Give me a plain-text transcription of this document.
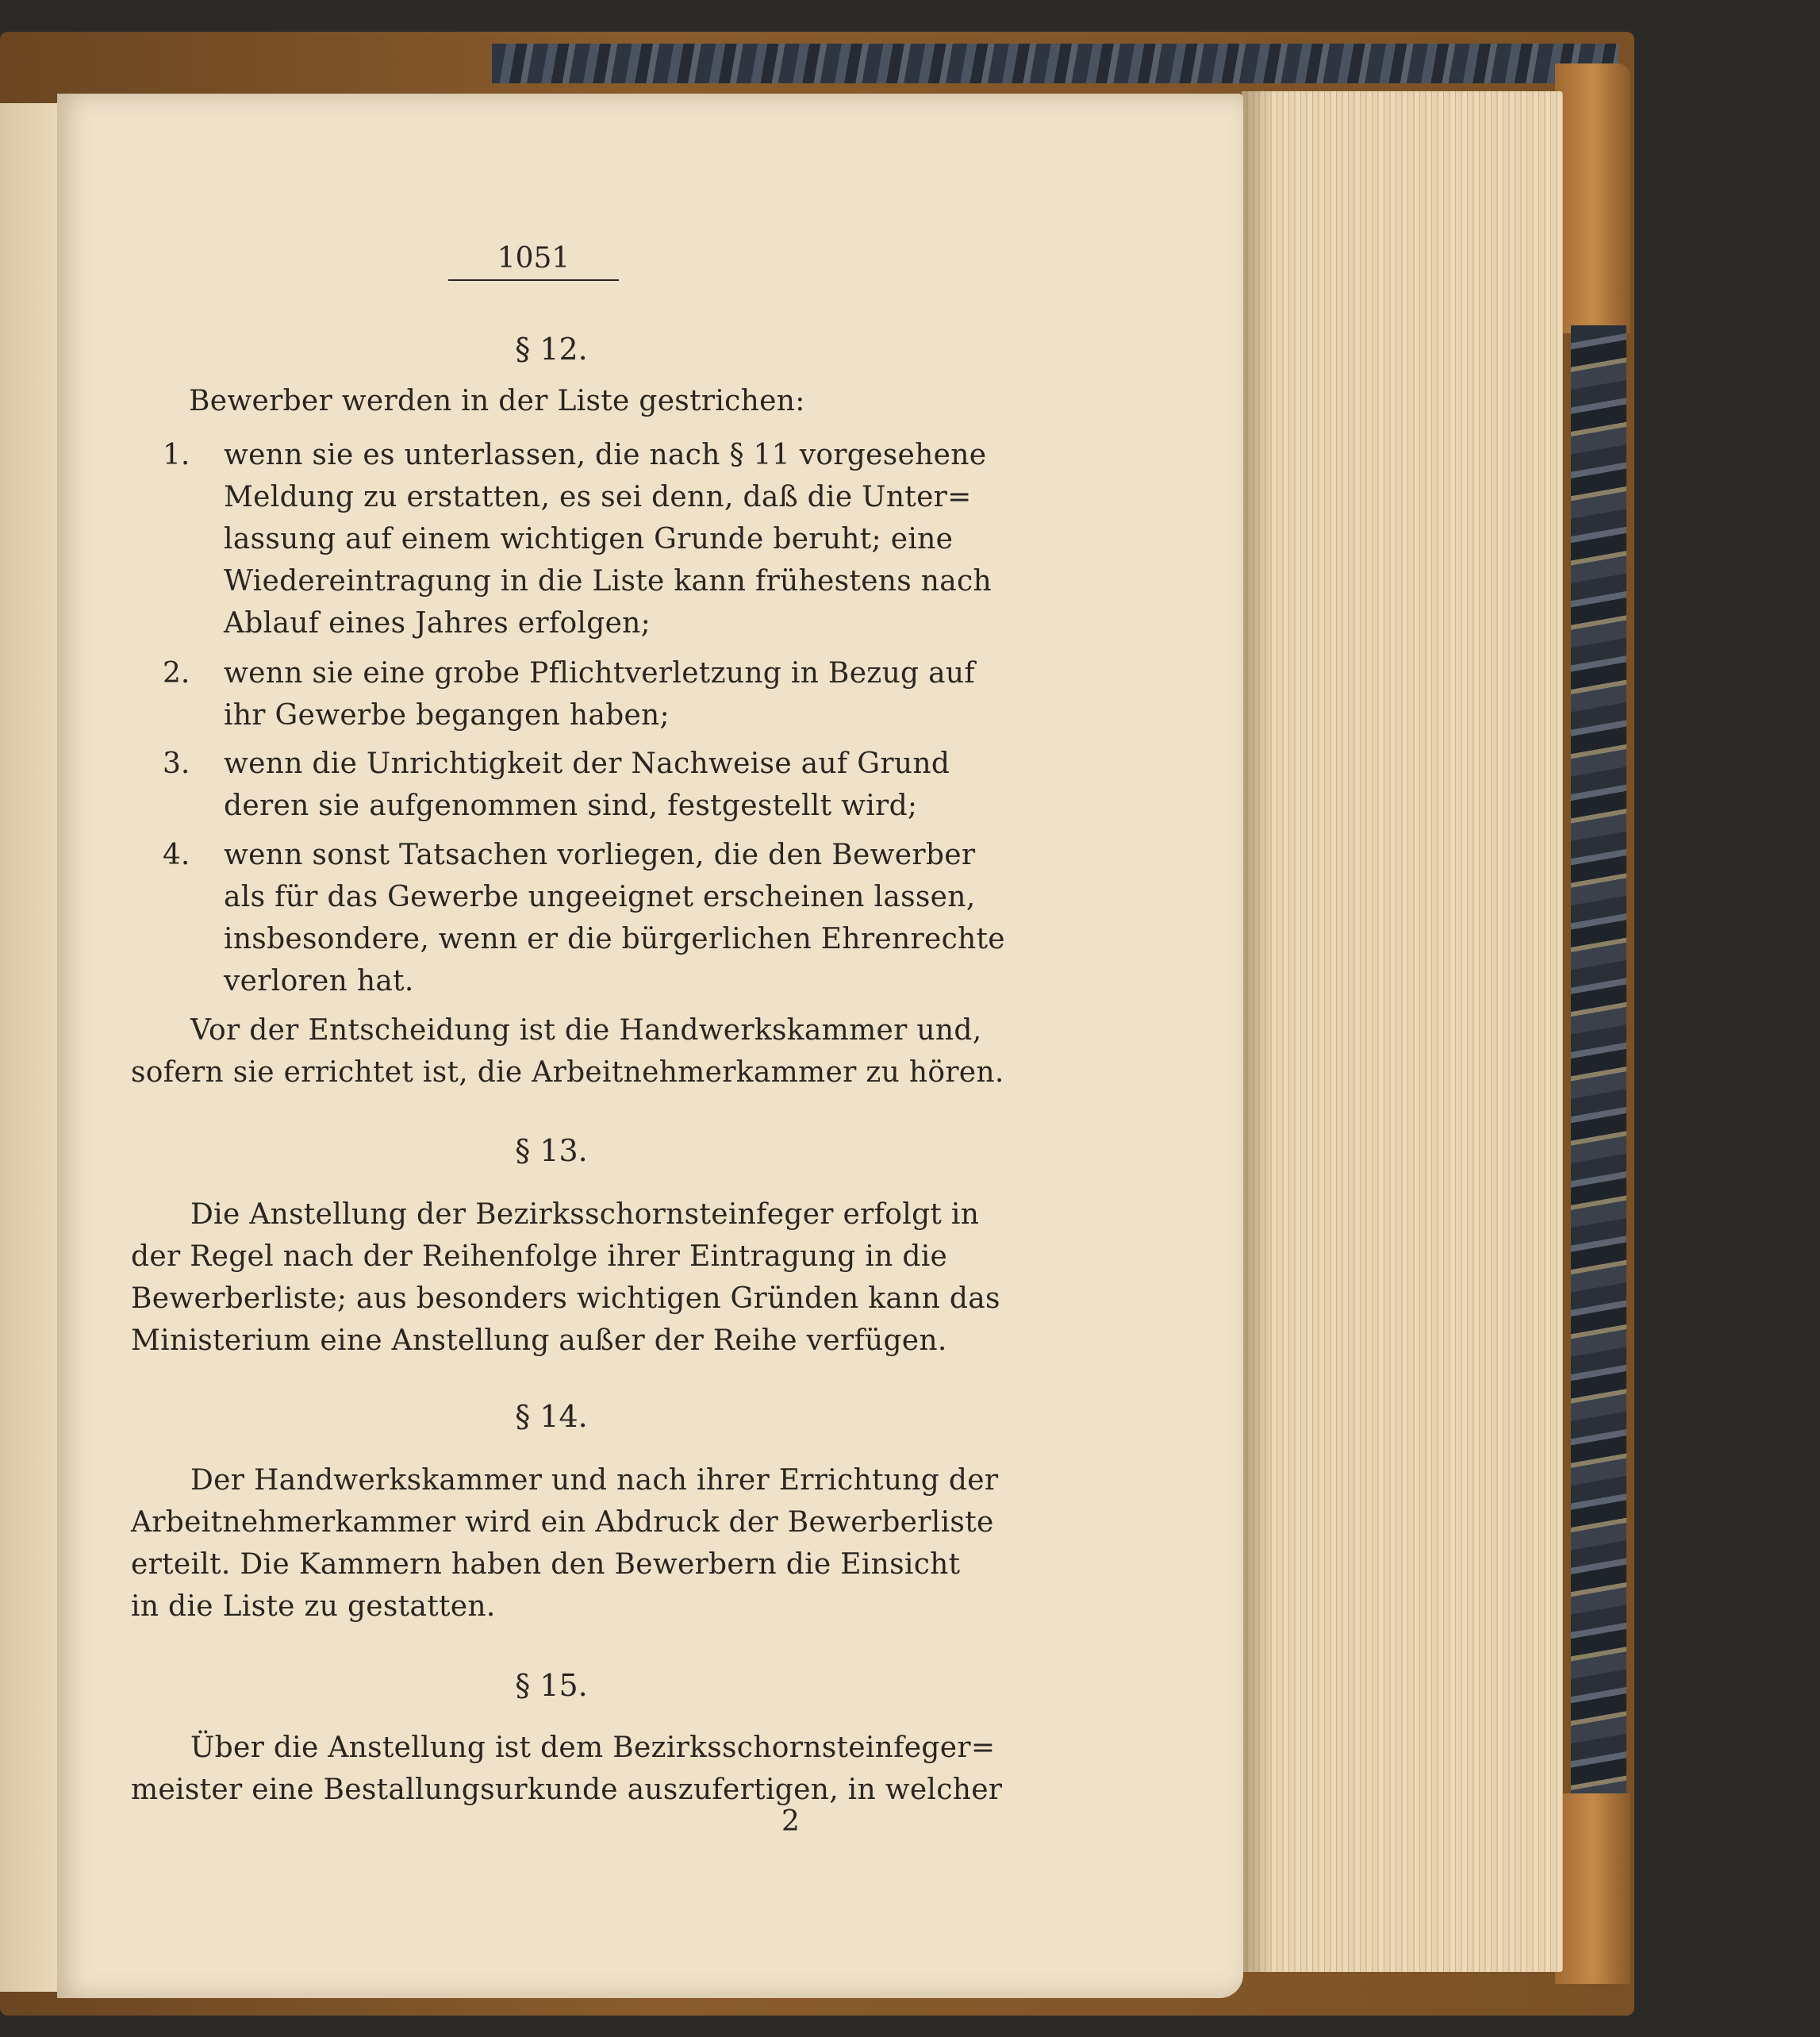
1051
§ 12.
Bewerber werden in der Liste gestrichen:
1. wenn sie es unterlassen, die nach § 11 vorgesehene
Meldung zu erstatten, es sei denn, daß die Unter=
lassung auf einem wichtigen Grunde beruht; eine
Wiedereintragung in die Liste kann frühestens nach
Ablauf eines Jahres erfolgen;
2. wenn sie eine grobe Pflichtverletzung in Bezug auf
ihr Gewerbe begangen haben;
3. wenn die Unrichtigkeit der Nachweise auf Grund
deren sie aufgenommen sind, festgestellt wird;
4. wenn sonst Tatsachen vorliegen, die den Bewerber
als für das Gewerbe ungeeignet erscheinen lassen,
insbesondere, wenn er die bürgerlichen Ehrenrechte
verloren hat.
Vor der Entscheidung ist die Handwerkskammer und,
sofern sie errichtet ist, die Arbeitnehmerkammer zu hören.
§ 13.
Die Anstellung der Bezirksschornsteinfeger erfolgt in
der Regel nach der Reihenfolge ihrer Eintragung in die
Bewerberliste; aus besonders wichtigen Gründen kann das
Ministerium eine Anstellung außer der Reihe verfügen.
§ 14.
Der Handwerkskammer und nach ihrer Errichtung der
Arbeitnehmerkammer wird ein Abdruck der Bewerberliste
erteilt. Die Kammern haben den Bewerbern die Einsicht
in die Liste zu gestatten.
§ 15.
Über die Anstellung ist dem Bezirksschornsteinfeger=
meister eine Bestallungsurkunde auszufertigen, in welcher
2
